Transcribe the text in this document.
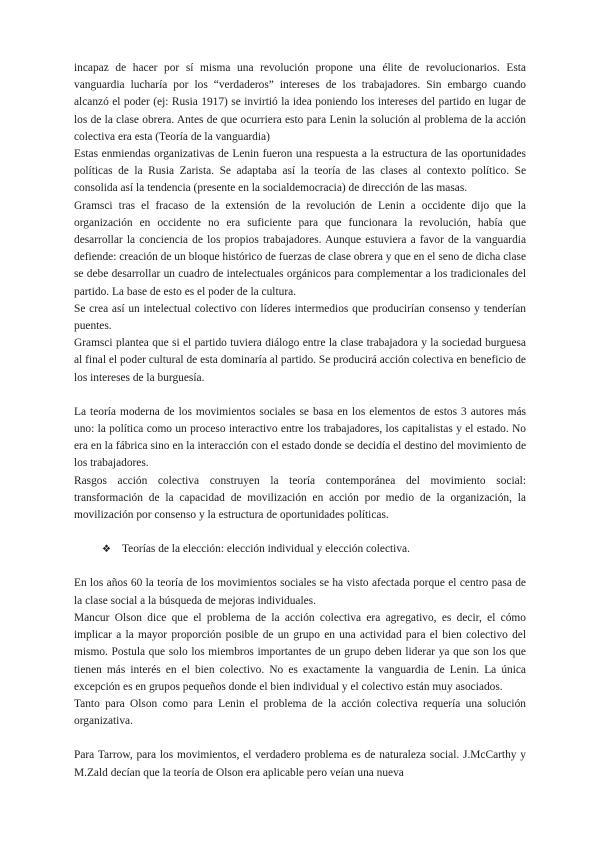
incapaz de hacer por sí misma una revolución propone una élite de revolucionarios. Esta vanguardia lucharía por los “verdaderos” intereses de los trabajadores. Sin embargo cuando alcanzó el poder (ej: Rusia 1917) se invirtió la idea poniendo los intereses del partido en lugar de los de la clase obrera. Antes de que ocurriera esto para Lenin la solución al problema de la acción colectiva era esta (Teoría de la vanguardia)

Estas enmiendas organizativas de Lenin fueron una respuesta a la estructura de las oportunidades políticas de la Rusia Zarista. Se adaptaba así la teoría de las clases al contexto político. Se consolida así la tendencia (presente en la socialdemocracia) de dirección de las masas.

Gramsci tras el fracaso de la extensión de la revolución de Lenin a occidente dijo que la organización en occidente no era suficiente para que funcionara la revolución, había que desarrollar la conciencia de los propios trabajadores. Aunque estuviera a favor de la vanguardia defiende: creación de un bloque histórico de fuerzas de clase obrera y que en el seno de dicha clase se debe desarrollar un cuadro de intelectuales orgánicos para complementar a los tradicionales del partido. La base de esto es el poder de la cultura.

Se crea así un intelectual colectivo con líderes intermedios que producirían consenso y tenderían puentes.

Gramsci plantea que si el partido tuviera diálogo entre la clase trabajadora y la sociedad burguesa al final el poder cultural de esta dominaría al partido. Se producirá acción colectiva en beneficio de los intereses de la burguesía.

La teoría moderna de los movimientos sociales se basa en los elementos de estos 3 autores más uno: la política como un proceso interactivo entre los trabajadores, los capitalistas y el estado. No era en la fábrica sino en la interacción con el estado donde se decidía el destino del movimiento de los trabajadores.

Rasgos acción colectiva construyen la teoría contemporánea del movimiento social: transformación de la capacidad de movilización en acción por medio de la organización, la movilización por consenso y la estructura de oportunidades políticas.

❖ Teorías de la elección: elección individual y elección colectiva.

En los años 60 la teoría de los movimientos sociales se ha visto afectada porque el centro pasa de la clase social a la búsqueda de mejoras individuales.

Mancur Olson dice que el problema de la acción colectiva era agregativo, es decir, el cómo implicar a la mayor proporción posible de un grupo en una actividad para el bien colectivo del mismo. Postula que solo los miembros importantes de un grupo deben liderar ya que son los que tienen más interés en el bien colectivo. No es exactamente la vanguardia de Lenin. La única excepción es en grupos pequeños donde el bien individual y el colectivo están muy asociados.

Tanto para Olson como para Lenin el problema de la acción colectiva requería una solución organizativa.

Para Tarrow, para los movimientos, el verdadero problema es de naturaleza social. J.McCarthy y M.Zald decían que la teoría de Olson era aplicable pero veían una nueva
